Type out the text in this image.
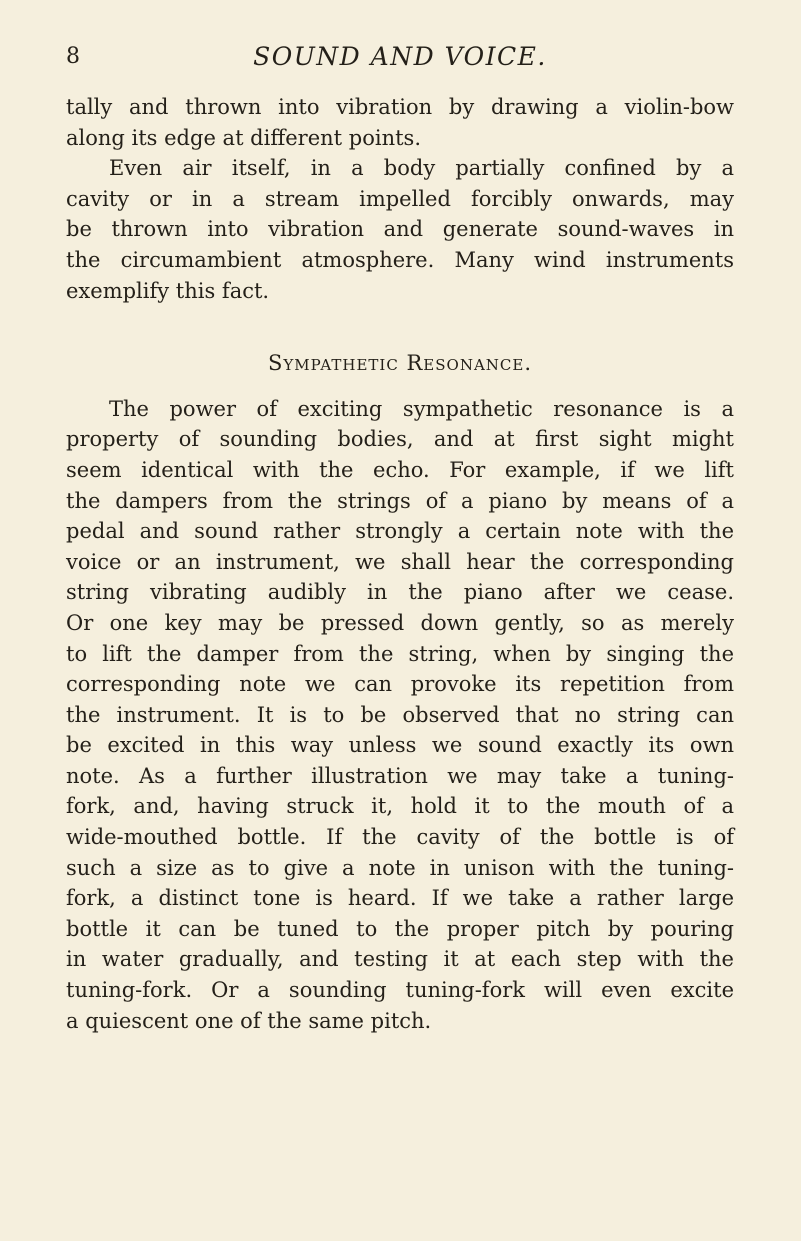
8	SOUND AND VOICE.
tally and thrown into vibration by drawing a violin-bow
along its edge at different points.
Even air itself, in a body partially confined by a
cavity or in a stream impelled forcibly onwards, may
be thrown into vibration and generate sound-waves in
the circumambient atmosphere. Many wind instruments
exemplify this fact.
Sympathetic Resonance.
The power of exciting sympathetic resonance is a
property of sounding bodies, and at first sight might
seem identical with the echo. For example, if we lift
the dampers from the strings of a piano by means of a
pedal and sound rather strongly a certain note with the
voice or an instrument, we shall hear the corresponding
string vibrating audibly in the piano after we cease.
Or one key may be pressed down gently, so as merely
to lift the damper from the string, when by singing the
corresponding note we can provoke its repetition from
the instrument. It is to be observed that no string can
be excited in this way unless we sound exactly its own
note. As a further illustration we may take a tuning-
fork, and, having struck it, hold it to the mouth of a
wide-mouthed bottle. If the cavity of the bottle is of
such a size as to give a note in unison with the tuning-
fork, a distinct tone is heard. If we take a rather large
bottle it can be tuned to the proper pitch by pouring
in water gradually, and testing it at each step with the
tuning-fork. Or a sounding tuning-fork will even excite
a quiescent one of the same pitch.
